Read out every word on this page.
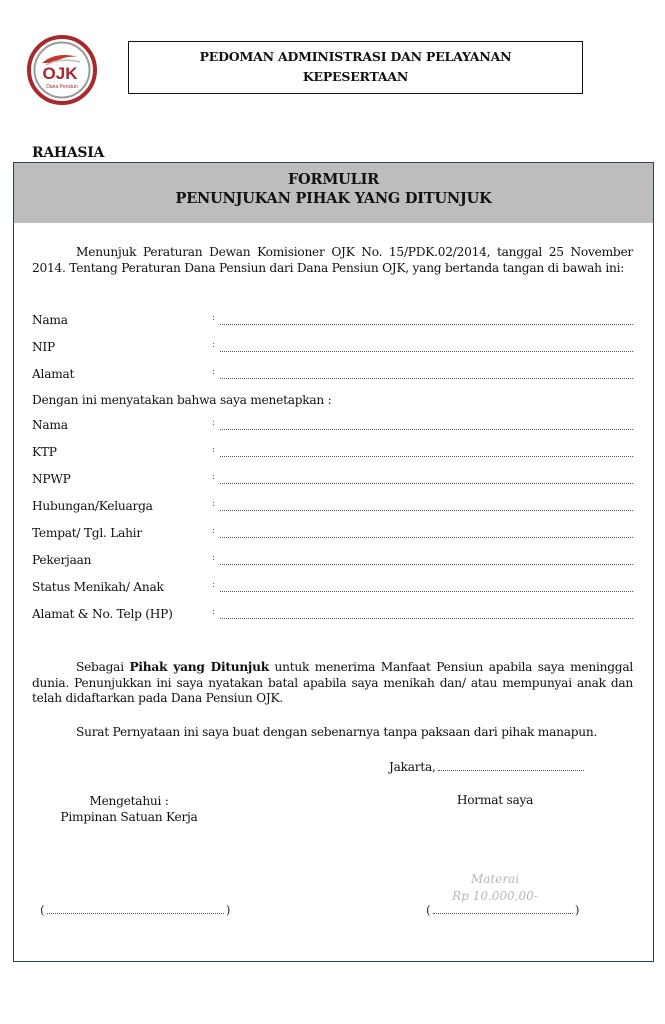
OJK
Dana Pensiun
PEDOMAN ADMINISTRASI DAN PELAYANAN
KEPESERTAAN
RAHASIA
FORMULIR
PENUNJUKAN PIHAK YANG DITUNJUK
Menunjuk Peraturan Dewan Komisioner OJK No. 15/PDK.02/2014, tanggal 25 November 2014. Tentang Peraturan Dana Pensiun dari Dana Pensiun OJK, yang bertanda tangan di bawah ini:
Nama	:
NIP	:
Alamat	:
Dengan ini menyatakan bahwa saya menetapkan :
Nama	:
KTP	:
NPWP	:
Hubungan/Keluarga	:
Tempat/ Tgl. Lahir	:
Pekerjaan	:
Status Menikah/ Anak	:
Alamat & No. Telp (HP)	:
Sebagai Pihak yang Ditunjuk untuk menerima Manfaat Pensiun apabila saya meninggal dunia. Penunjukkan ini saya nyatakan batal apabila saya menikah dan/ atau mempunyai anak dan telah didaftarkan pada Dana Pensiun OJK.
Surat Pernyataan ini saya buat dengan sebenarnya tanpa paksaan dari pihak manapun.
Jakarta,
Mengetahui :
Pimpinan Satuan Kerja
Hormat saya
Materai
Rp 10.000,00-
(	)	(	)
